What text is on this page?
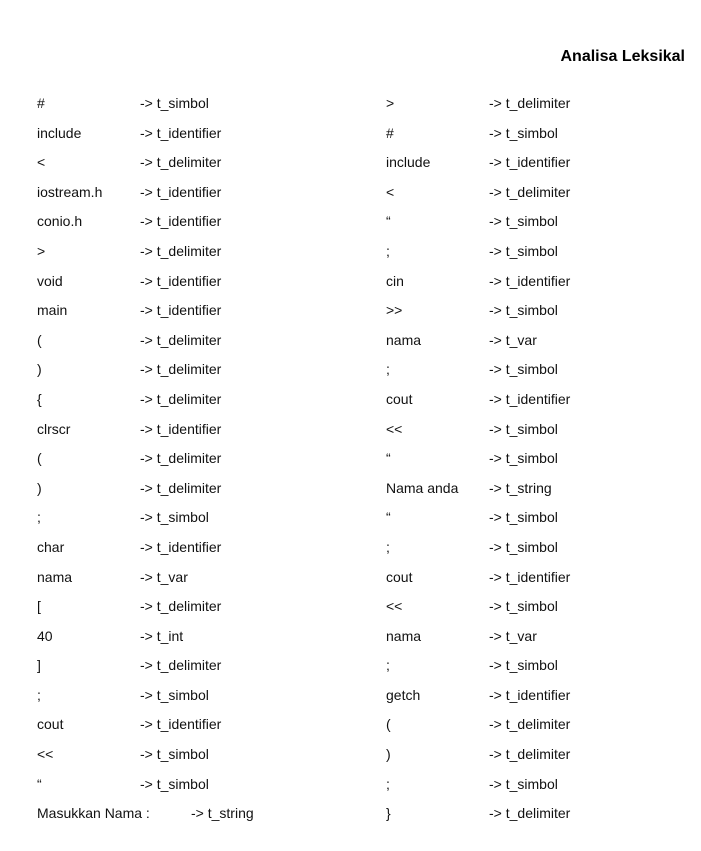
Analisa Leksikal
#	-> t_simbol
include	-> t_identifier
<	-> t_delimiter
iostream.h	-> t_identifier
conio.h	-> t_identifier
>	-> t_delimiter
void	-> t_identifier
main	-> t_identifier
(	-> t_delimiter
)	-> t_delimiter
{	-> t_delimiter
clrscr	-> t_identifier
(	-> t_delimiter
)	-> t_delimiter
;	-> t_simbol
char	-> t_identifier
nama	-> t_var
[	-> t_delimiter
40	-> t_int
]	-> t_delimiter
;	-> t_simbol
cout	-> t_identifier
<<	-> t_simbol
“	-> t_simbol
Masukkan Nama :	-> t_string
>	-> t_delimiter
#	-> t_simbol
include	-> t_identifier
<	-> t_delimiter
“	-> t_simbol
;	-> t_simbol
cin	-> t_identifier
>>	-> t_simbol
nama	-> t_var
;	-> t_simbol
cout	-> t_identifier
<<	-> t_simbol
“	-> t_simbol
Nama anda -> t_string
“	-> t_simbol
;	-> t_simbol
cout	-> t_identifier
<<	-> t_simbol
nama	-> t_var
;	-> t_simbol
getch	-> t_identifier
(	-> t_delimiter
)	-> t_delimiter
;	-> t_simbol
}	-> t_delimiter
